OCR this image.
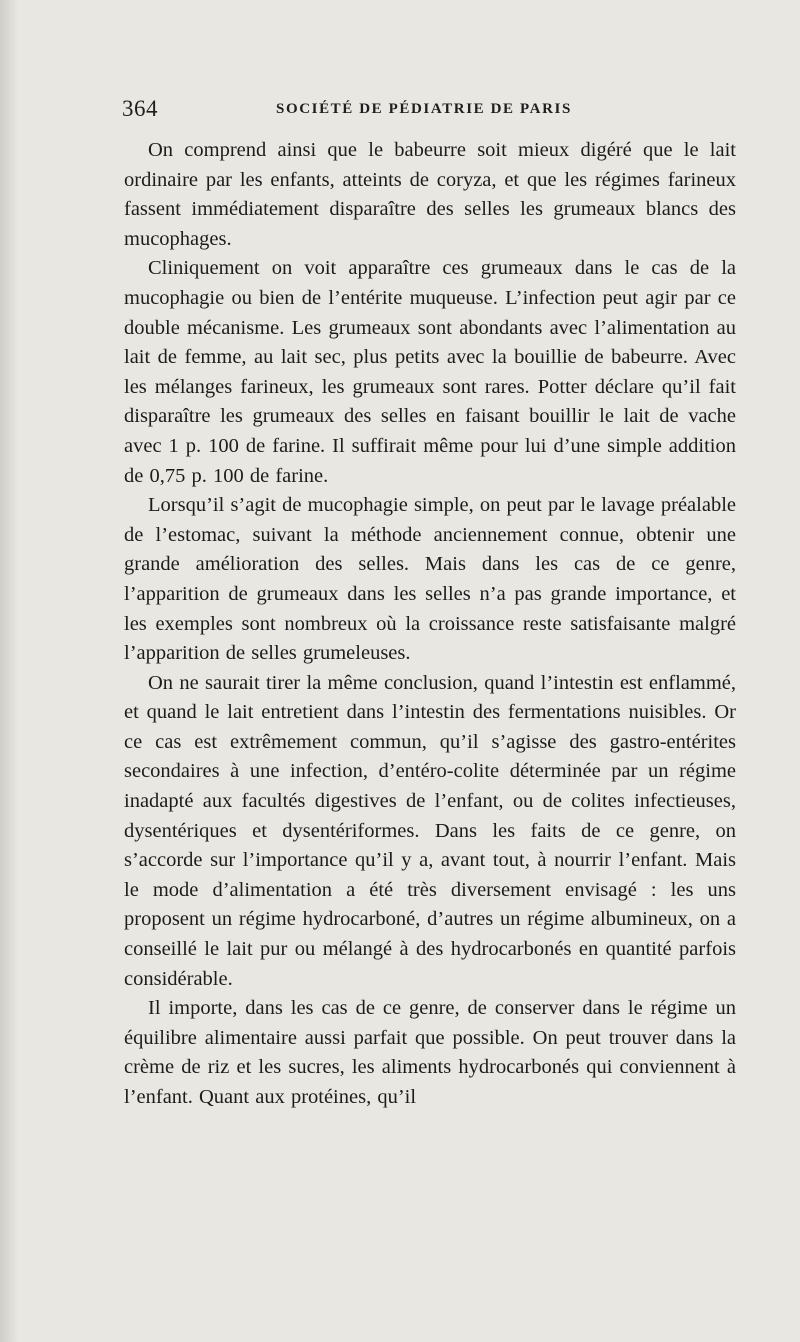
364	SOCIÉTÉ DE PÉDIATRIE DE PARIS

On comprend ainsi que le babeurre soit mieux digéré que le lait ordinaire par les enfants, atteints de coryza, et que les régimes farineux fassent immédiatement disparaître des selles les grumeaux blancs des mucophages.

Cliniquement on voit apparaître ces grumeaux dans le cas de la mucophagie ou bien de l’entérite muqueuse. L’infection peut agir par ce double mécanisme. Les grumeaux sont abondants avec l’alimentation au lait de femme, au lait sec, plus petits avec la bouillie de babeurre. Avec les mélanges farineux, les grumeaux sont rares. Potter déclare qu’il fait disparaître les grumeaux des selles en faisant bouillir le lait de vache avec 1 p. 100 de farine. Il suffirait même pour lui d’une simple addition de 0,75 p. 100 de farine.

Lorsqu’il s’agit de mucophagie simple, on peut par le lavage préalable de l’estomac, suivant la méthode anciennement connue, obtenir une grande amélioration des selles. Mais dans les cas de ce genre, l’apparition de grumeaux dans les selles n’a pas grande importance, et les exemples sont nombreux où la croissance reste satisfaisante malgré l’apparition de selles grumeleuses.

On ne saurait tirer la même conclusion, quand l’intestin est enflammé, et quand le lait entretient dans l’intestin des fermentations nuisibles. Or ce cas est extrêmement commun, qu’il s’agisse des gastro-entérites secondaires à une infection, d’entéro-colite déterminée par un régime inadapté aux facultés digestives de l’enfant, ou de colites infectieuses, dysentériques et dysentériformes. Dans les faits de ce genre, on s’accorde sur l’importance qu’il y a, avant tout, à nourrir l’enfant. Mais le mode d’alimentation a été très diversement envisagé : les uns proposent un régime hydrocarboné, d’autres un régime albumineux, on a conseillé le lait pur ou mélangé à des hydrocarbonés en quantité parfois considérable.

Il importe, dans les cas de ce genre, de conserver dans le régime un équilibre alimentaire aussi parfait que possible. On peut trouver dans la crème de riz et les sucres, les aliments hydrocarbonés qui conviennent à l’enfant. Quant aux protéines, qu’il
